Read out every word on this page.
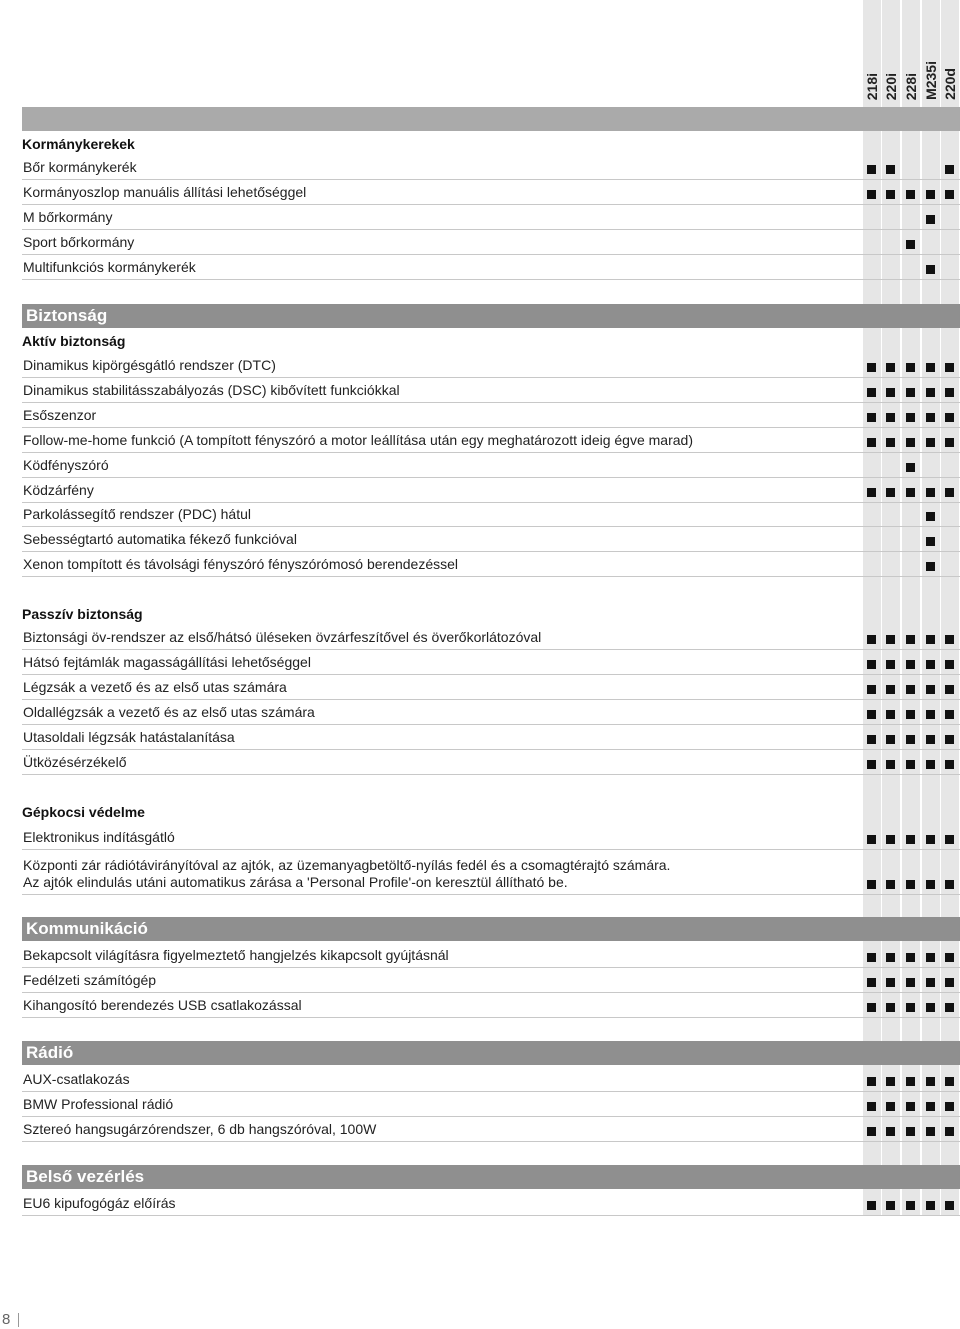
218i 220i 228i M235i 220d
Kormánykerekek
Bőr kormánykerék
Kormányoszlop manuális állítási lehetőséggel
M bőrkormány
Sport bőrkormány
Multifunkciós kormánykerék
Biztonság
Aktív biztonság
Dinamikus kipörgésgátló rendszer (DTC)
Dinamikus stabilitásszabályozás (DSC) kibővített funkciókkal
Esőszenzor
Follow-me-home funkció (A tompított fényszóró a motor leállítása után egy meghatározott ideig égve marad)
Ködfényszóró
Ködzárfény
Parkolássegítő rendszer (PDC) hátul
Sebességtartó automatika fékező funkcióval
Xenon tompított és távolsági fényszóró fényszórómosó berendezéssel
Passzív biztonság
Biztonsági öv-rendszer az első/hátsó üléseken övzárfeszítővel és överőkorlátozóval
Hátsó fejtámlák magasságállítási lehetőséggel
Légzsák a vezető és az első utas számára
Oldallégzsák a vezető és az első utas számára
Utasoldali légzsák hatástalanítása
Ütközésérzékelő
Gépkocsi védelme
Elektronikus indításgátló
Központi zár rádiótávirányítóval az ajtók, az üzemanyagbetöltő-nyílás fedél és a csomagtérajtó számára.
Az ajtók elindulás utáni automatikus zárása a 'Personal Profile'-on keresztül állítható be.
Kommunikáció
Bekapcsolt világításra figyelmeztető hangjelzés kikapcsolt gyújtásnál
Fedélzeti számítógép
Kihangosító berendezés USB csatlakozással
Rádió
AUX-csatlakozás
BMW Professional rádió
Sztereó hangsugárzórendszer, 6 db hangszóróval, 100W
Belső vezérlés
EU6 kipufogógáz előírás
8
